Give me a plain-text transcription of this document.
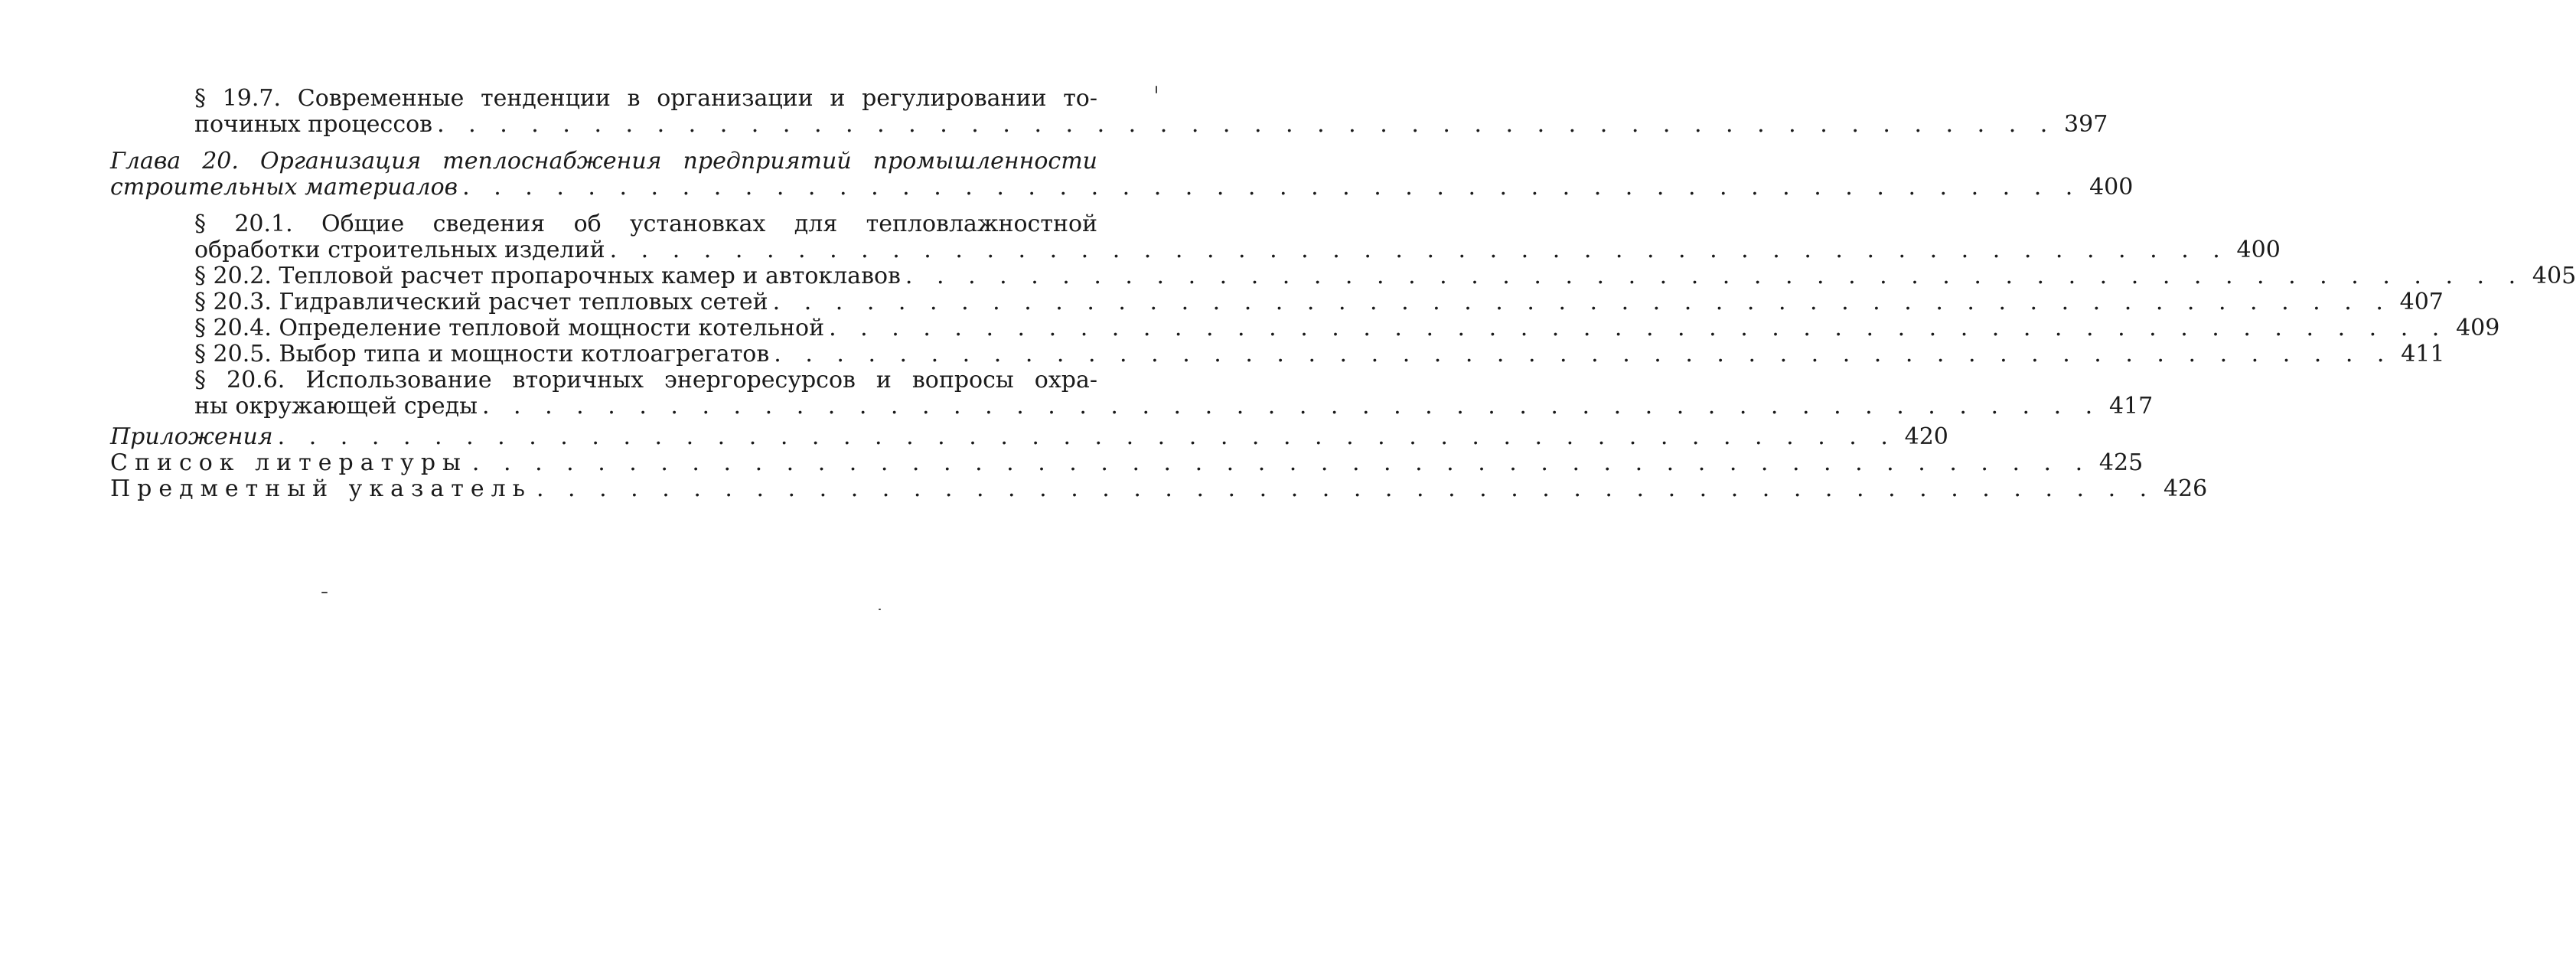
§ 19.7. Современные тенденции в организации и регулировании то-
починых процессов . . . . . . . . . . . . . . . . . . . . . . . . . . . . . . . . . . . . . . . . . . . . . . . . . . . . 397
Глава 20. Организация теплоснабжения предприятий промышленности
строительных материалов . . . . . . . . . . . . . . . . . . . . . . . . . . . . . . . . . . . . . . . . . . . . . . . . . . . . 400
§ 20.1. Общие сведения об установках для тепловлажностной
обработки строительных изделий . . . . . . . . . . . . . . . . . . . . . . . . . . . . . . . . . . . . . . . . . . . . . . . . . . . . 400
§ 20.2. Тепловой расчет пропарочных камер и автоклавов . . . . . . . . . . . . . . . . . . . . . . . . . . . . . . . . . . . . . . . . . . . . . . . . . . . . 405
§ 20.3. Гидравлический расчет тепловых сетей . . . . . . . . . . . . . . . . . . . . . . . . . . . . . . . . . . . . . . . . . . . . . . . . . . . . 407
§ 20.4. Определение тепловой мощности котельной . . . . . . . . . . . . . . . . . . . . . . . . . . . . . . . . . . . . . . . . . . . . . . . . . . . . 409
§ 20.5. Выбор типа и мощности котлоагрегатов . . . . . . . . . . . . . . . . . . . . . . . . . . . . . . . . . . . . . . . . . . . . . . . . . . . . 411
§ 20.6. Использование вторичных энергоресурсов и вопросы охра-
ны окружающей среды . . . . . . . . . . . . . . . . . . . . . . . . . . . . . . . . . . . . . . . . . . . . . . . . . . . . 417
Приложения . . . . . . . . . . . . . . . . . . . . . . . . . . . . . . . . . . . . . . . . . . . . . . . . . . . . 420
Список литературы . . . . . . . . . . . . . . . . . . . . . . . . . . . . . . . . . . . . . . . . . . . . . . . . . . . . 425
Предметный указатель . . . . . . . . . . . . . . . . . . . . . . . . . . . . . . . . . . . . . . . . . . . . . . . . . . . . 426
